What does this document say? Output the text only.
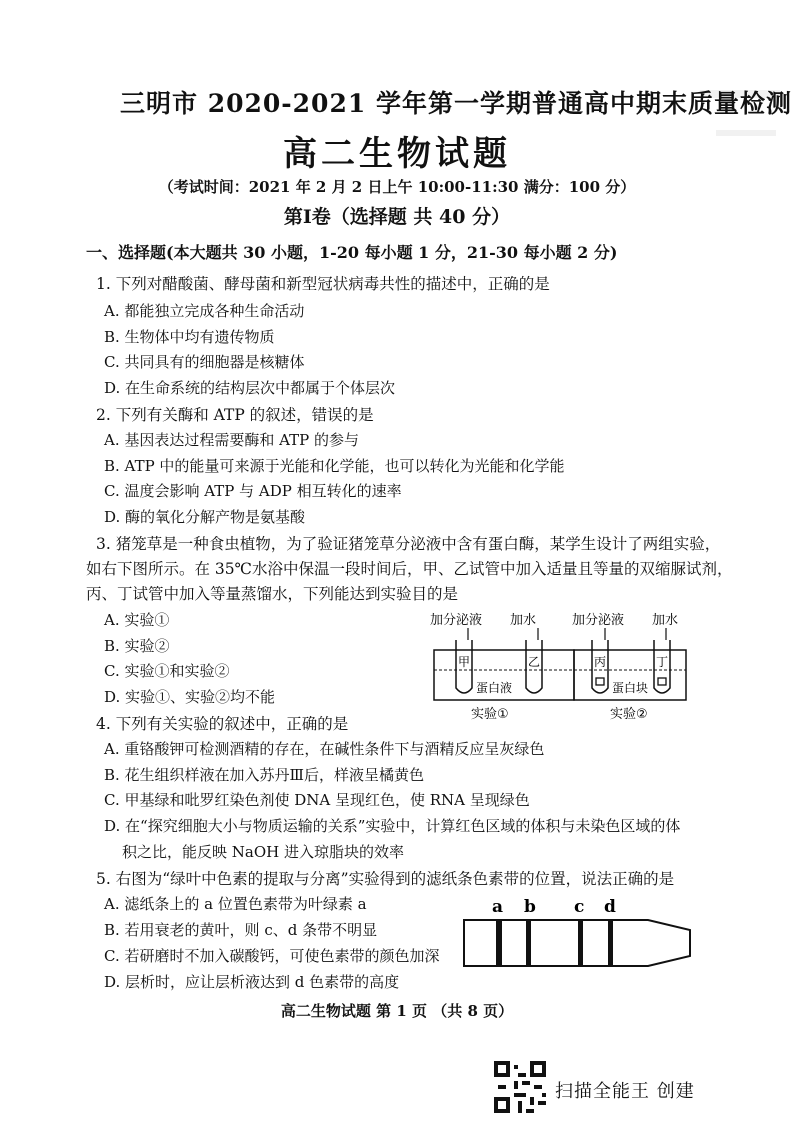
三明市 2020-2021 学年第一学期普通高中期末质量检测
高二生物试题
（考试时间：2021 年 2 月 2 日上午 10:00-11:30 满分：100 分）
第Ⅰ卷（选择题 共 40 分）
一、选择题(本大题共 30 小题，1-20 每小题 1 分，21-30 每小题 2 分)
1. 下列对醋酸菌、酵母菌和新型冠状病毒共性的描述中，正确的是
A. 都能独立完成各种生命活动
B. 生物体中均有遗传物质
C. 共同具有的细胞器是核糖体
D. 在生命系统的结构层次中都属于个体层次
2. 下列有关酶和 ATP 的叙述，错误的是
A. 基因表达过程需要酶和 ATP 的参与
B. ATP 中的能量可来源于光能和化学能，也可以转化为光能和化学能
C. 温度会影响 ATP 与 ADP 相互转化的速率
D. 酶的氧化分解产物是氨基酸
3. 猪笼草是一种食虫植物，为了验证猪笼草分泌液中含有蛋白酶，某学生设计了两组实验，
如右下图所示。在 35℃水浴中保温一段时间后，甲、乙试管中加入适量且等量的双缩脲试剂，
丙、丁试管中加入等量蒸馏水，下列能达到实验目的是
A. 实验①
B. 实验②
C. 实验①和实验②
D. 实验①、实验②均不能
加分泌液 加水
甲	乙
蛋白液
实验①
加分泌液 加水
丙	丁
蛋白块
实验②
4. 下列有关实验的叙述中，正确的是
A. 重铬酸钾可检测酒精的存在，在碱性条件下与酒精反应呈灰绿色
B. 花生组织样液在加入苏丹Ⅲ后，样液呈橘黄色
C. 甲基绿和吡罗红染色剂使 DNA 呈现红色，使 RNA 呈现绿色
D. 在“探究细胞大小与物质运输的关系”实验中，计算红色区域的体积与未染色区域的体
积之比，能反映 NaOH 进入琼脂块的效率
5. 右图为“绿叶中色素的提取与分离”实验得到的滤纸条色素带的位置，说法正确的是
A. 滤纸条上的 a 位置色素带为叶绿素 a
B. 若用衰老的黄叶，则 c、d 条带不明显
C. 若研磨时不加入碳酸钙，可使色素带的颜色加深
D. 层析时，应让层析液达到 d 色素带的高度
a b c d
高二生物试题 第 1 页 （共 8 页）
扫描全能王 创建
